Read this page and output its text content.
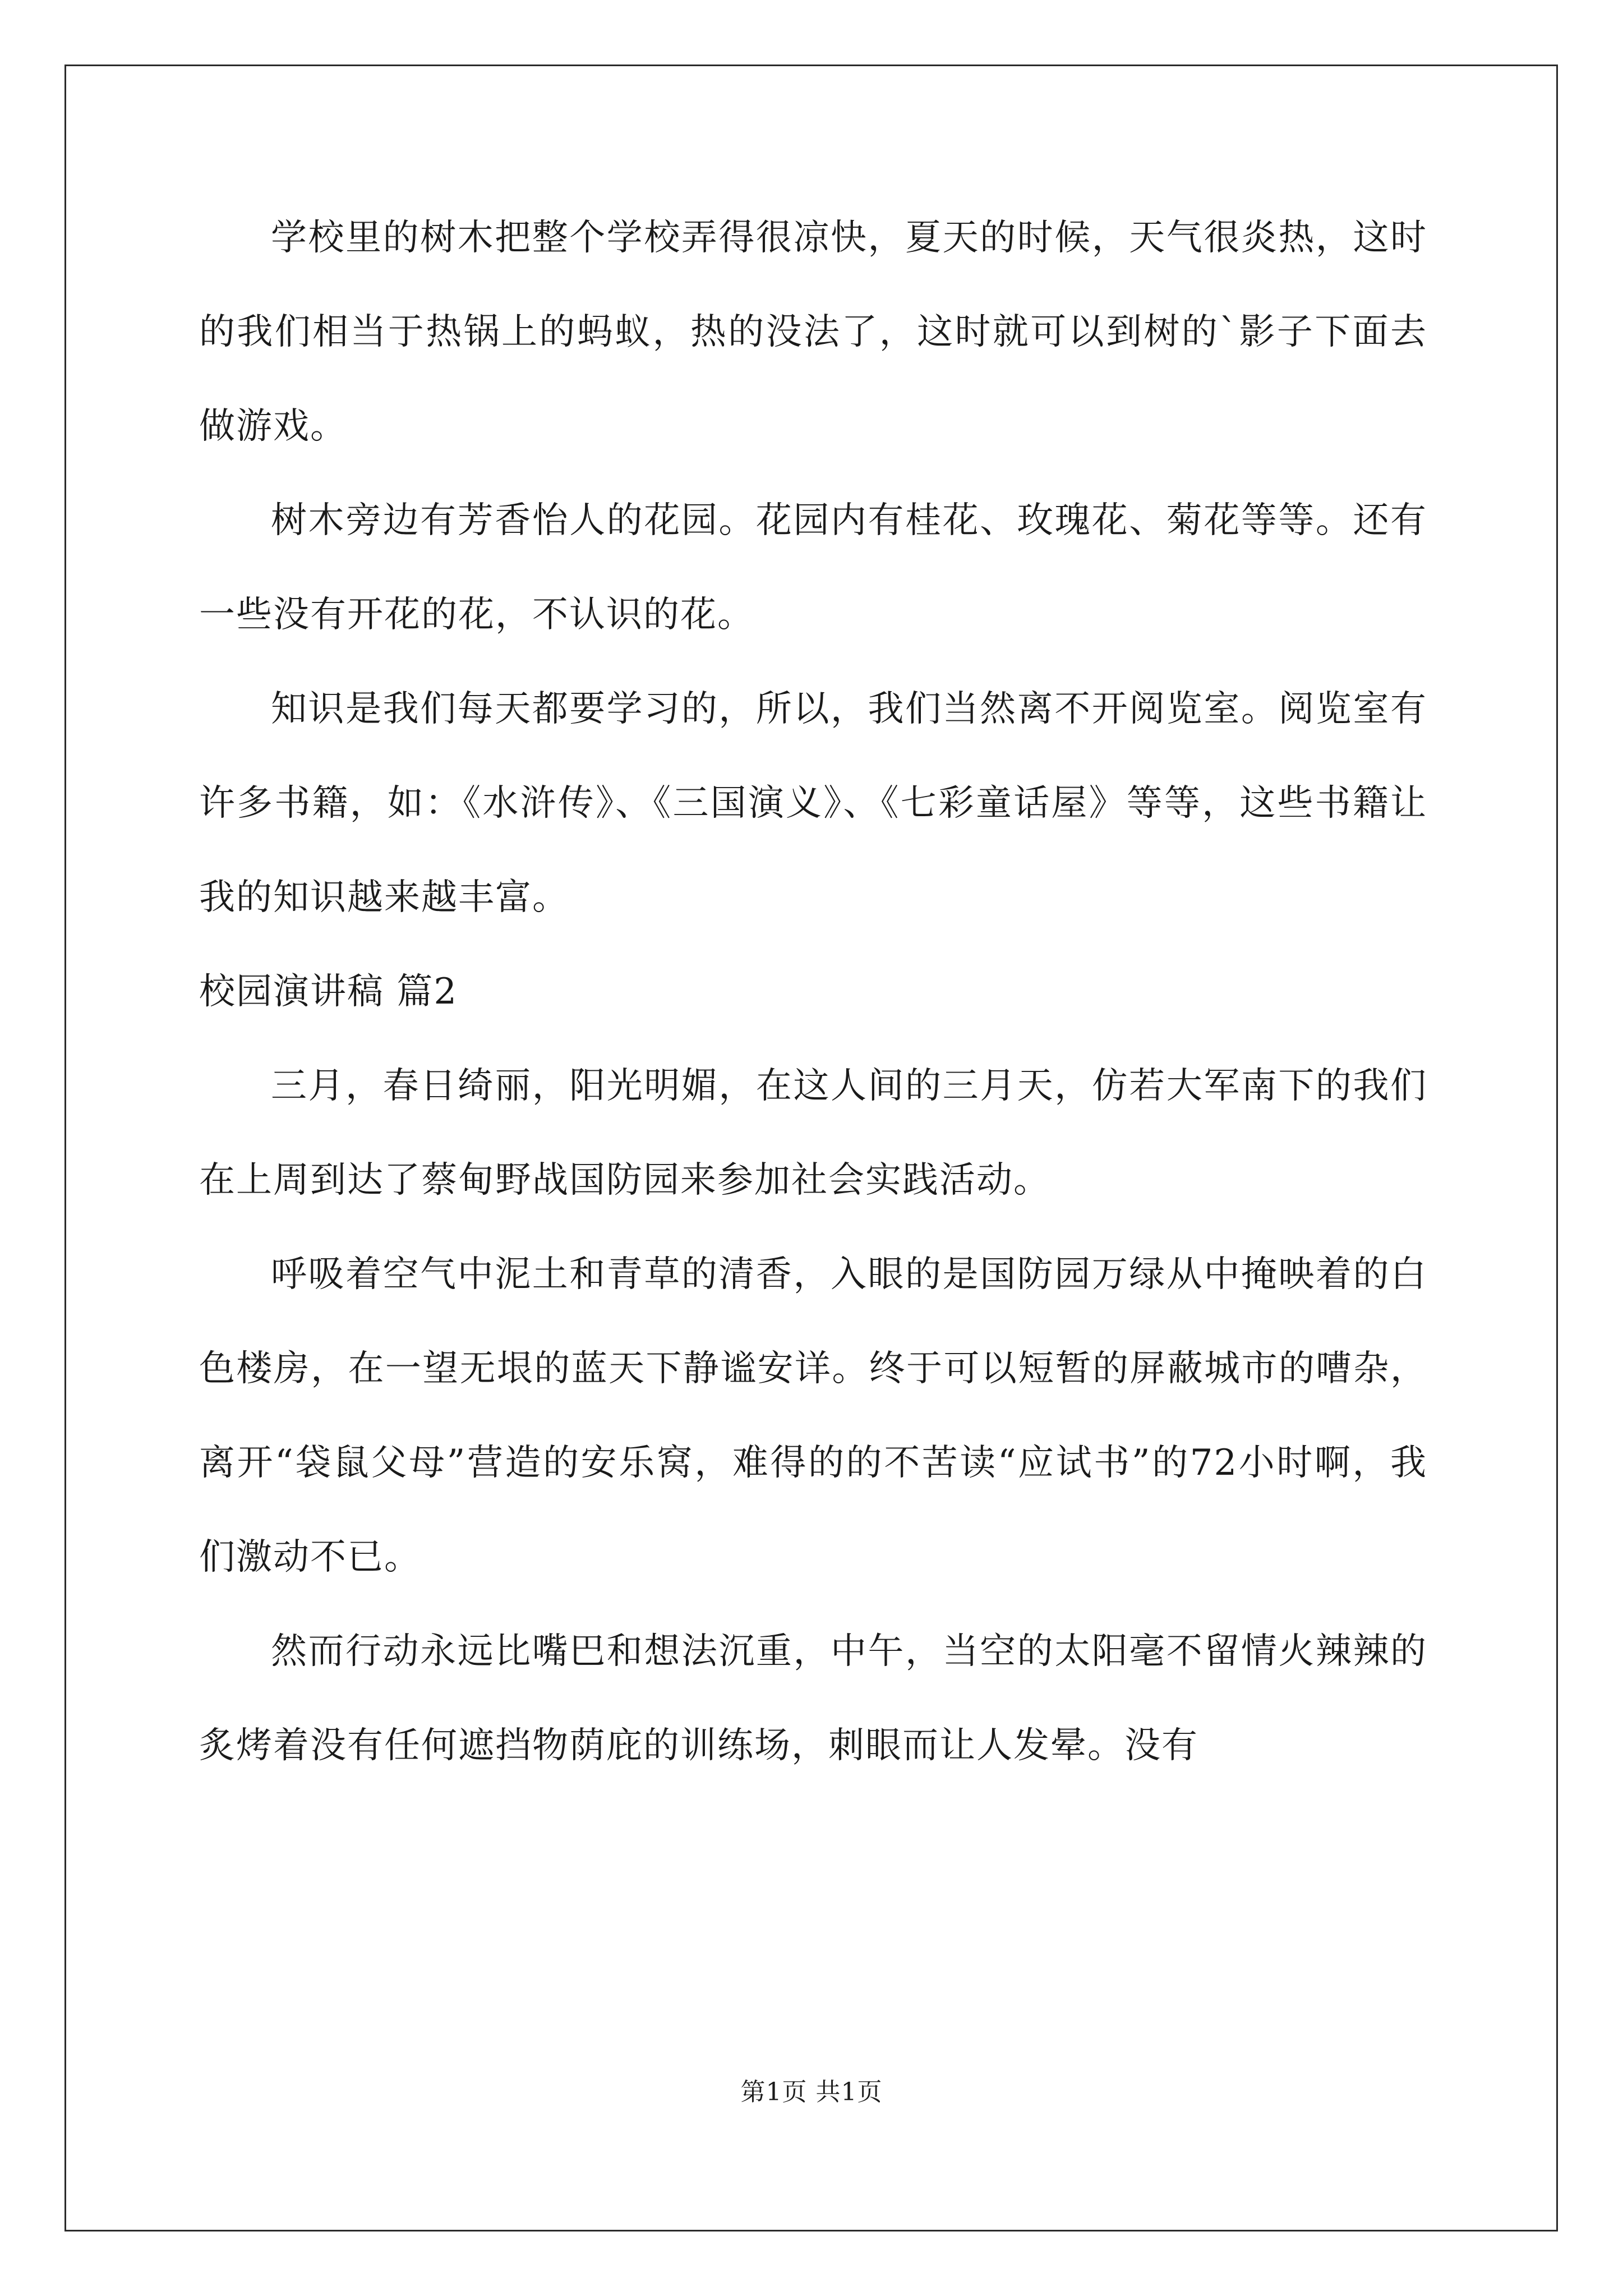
学校里的树木把整个学校弄得很凉快，夏天的时候，天气很炎热，这时的我们相当于热锅上的蚂蚁，热的没法了，这时就可以到树的`影子下面去做游戏。

树木旁边有芳香怡人的花园。花园内有桂花、玫瑰花、菊花等等。还有一些没有开花的花，不认识的花。

知识是我们每天都要学习的，所以，我们当然离不开阅览室。阅览室有许多书籍，如：《水浒传》、《三国演义》、《七彩童话屋》等等，这些书籍让我的知识越来越丰富。

校园演讲稿 篇2

三月，春日绮丽，阳光明媚，在这人间的三月天，仿若大军南下的我们在上周到达了蔡甸野战国防园来参加社会实践活动。

呼吸着空气中泥土和青草的清香，入眼的是国防园万绿从中掩映着的白色楼房，在一望无垠的蓝天下静谧安详。终于可以短暂的屏蔽城市的嘈杂，离开“袋鼠父母”营造的安乐窝，难得的的不苦读“应试书”的72小时啊，我们激动不已。

然而行动永远比嘴巴和想法沉重，中午，当空的太阳毫不留情火辣辣的炙烤着没有任何遮挡物荫庇的训练场，刺眼而让人发晕。没有

第1页 共1页
